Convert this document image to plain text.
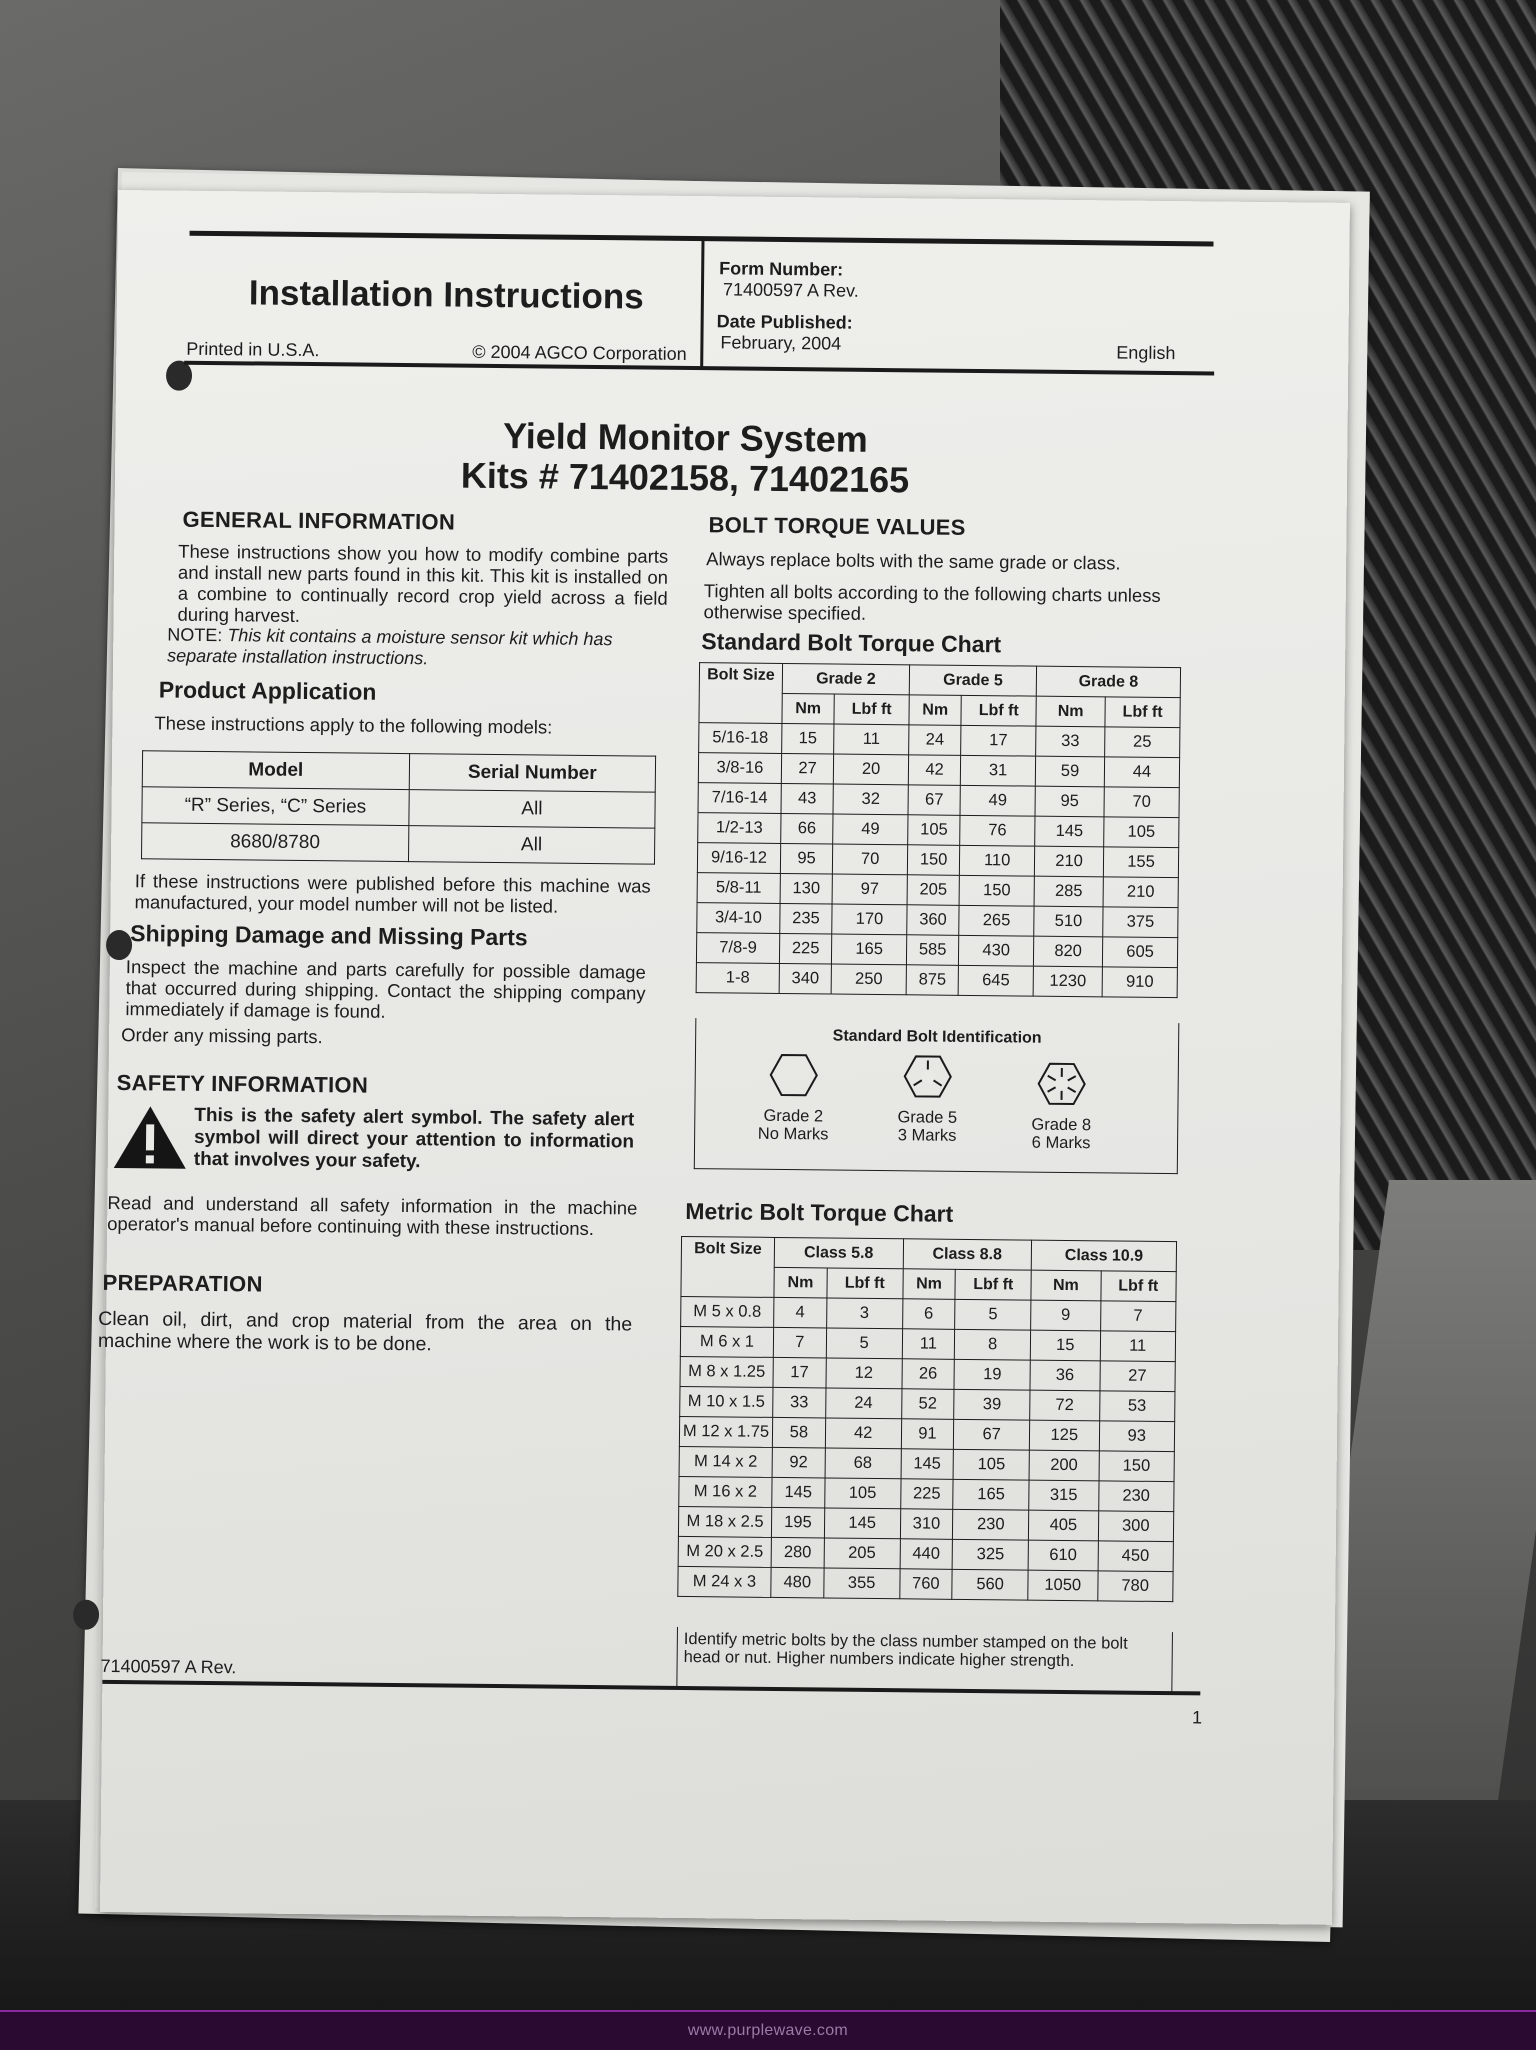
Installation Instructions
Form Number:
71400597 A Rev.
Date Published:
February, 2004
Printed in U.S.A.	© 2004 AGCO Corporation	English
Yield Monitor System
Kits # 71402158, 71402165
GENERAL INFORMATION
These instructions show you how to modify combine parts and install new parts found in this kit. This kit is installed on a combine to continually record crop yield across a field during harvest.
NOTE: This kit contains a moisture sensor kit which has separate installation instructions.
Product Application
These instructions apply to the following models:
Model	Serial Number
“R” Series, “C” Series	All
8680/8780	All
If these instructions were published before this machine was manufactured, your model number will not be listed.
Shipping Damage and Missing Parts
Inspect the machine and parts carefully for possible damage that occurred during shipping. Contact the shipping company immediately if damage is found.
Order any missing parts.
SAFETY INFORMATION
This is the safety alert symbol. The safety alert symbol will direct your attention to information that involves your safety.
Read and understand all safety information in the machine operator's manual before continuing with these instructions.
PREPARATION
Clean oil, dirt, and crop material from the area on the machine where the work is to be done.
BOLT TORQUE VALUES
Always replace bolts with the same grade or class.
Tighten all bolts according to the following charts unless otherwise specified.
Standard Bolt Torque Chart
Bolt Size	Grade 2		Grade 5		Grade 8	
	Nm	Lbf ft	Nm	Lbf ft	Nm	Lbf ft
5/16-18	15	11	24	17	33	25
3/8-16	27	20	42	31	59	44
7/16-14	43	32	67	49	95	70
1/2-13	66	49	105	76	145	105
9/16-12	95	70	150	110	210	155
5/8-11	130	97	205	150	285	210
3/4-10	235	170	360	265	510	375
7/8-9	225	165	585	430	820	605
1-8	340	250	875	645	1230	910
Standard Bolt Identification
Grade 2
No Marks
Grade 5
3 Marks
Grade 8
6 Marks
Metric Bolt Torque Chart
Bolt Size	Class 5.8		Class 8.8		Class 10.9	
	Nm	Lbf ft	Nm	Lbf ft	Nm	Lbf ft
M 5 x 0.8	4	3	6	5	9	7
M 6 x 1	7	5	11	8	15	11
M 8 x 1.25	17	12	26	19	36	27
M 10 x 1.5	33	24	52	39	72	53
M 12 x 1.75	58	42	91	67	125	93
M 14 x 2	92	68	145	105	200	150
M 16 x 2	145	105	225	165	315	230
M 18 x 2.5	195	145	310	230	405	300
M 20 x 2.5	280	205	440	325	610	450
M 24 x 3	480	355	760	560	1050	780
Identify metric bolts by the class number stamped on the bolt head or nut. Higher numbers indicate higher strength.
71400597 A Rev.
1
www.purplewave.com
